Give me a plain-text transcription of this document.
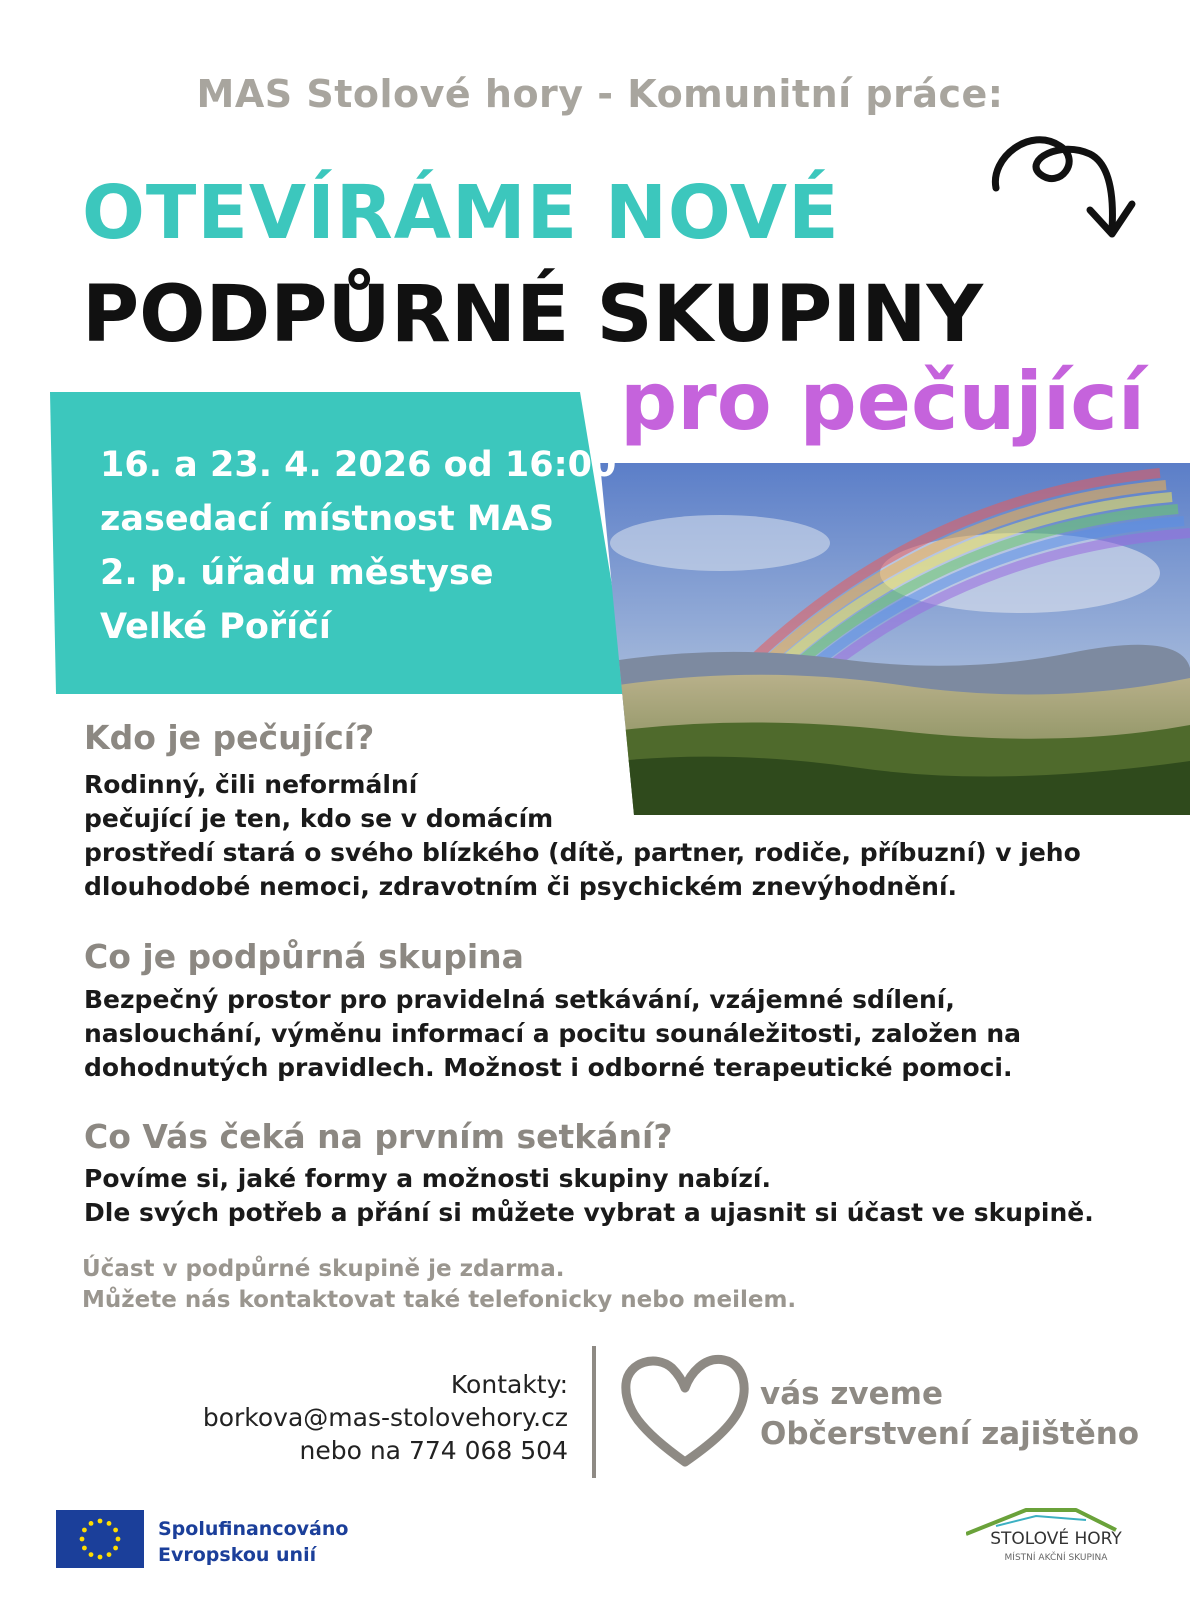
MAS Stolové hory - Komunitní práce:
OTEVÍRÁME NOVÉ
PODPŮRNÉ SKUPINY
pro pečující
16. a 23. 4. 2026 od 16:00
zasedací místnost MAS
2. p. úřadu městyse
Velké Poříčí
Kdo je pečující?

Rodinný, čili neformální
pečující je ten, kdo se v domácím
prostředí stará o svého blízkého (dítě, partner, rodiče, příbuzní) v jeho
dlouhodobé nemoci, zdravotním či psychickém znevýhodnění.

Co je podpůrná skupina

Bezpečný prostor pro pravidelná setkávání, vzájemné sdílení,
naslouchání, výměnu informací a pocitu sounáležitosti, založen na
dohodnutých pravidlech. Možnost i odborné terapeutické pomoci.

Co Vás čeká na prvním setkání?

Povíme si, jaké formy a možnosti skupiny nabízí.
Dle svých potřeb a přání si můžete vybrat a ujasnit si účast ve skupině.

Účast v podpůrné skupině je zdarma.
Můžete nás kontaktovat také telefonicky nebo meilem.
Kontakty:
borkova@mas-stolovehory.cz
nebo na 774 068 504
vás zveme
Občerstvení zajištěno
Spolufinancováno
Evropskou unií
STOLOVÉ HORY
MÍSTNÍ AKČNÍ SKUPINA
